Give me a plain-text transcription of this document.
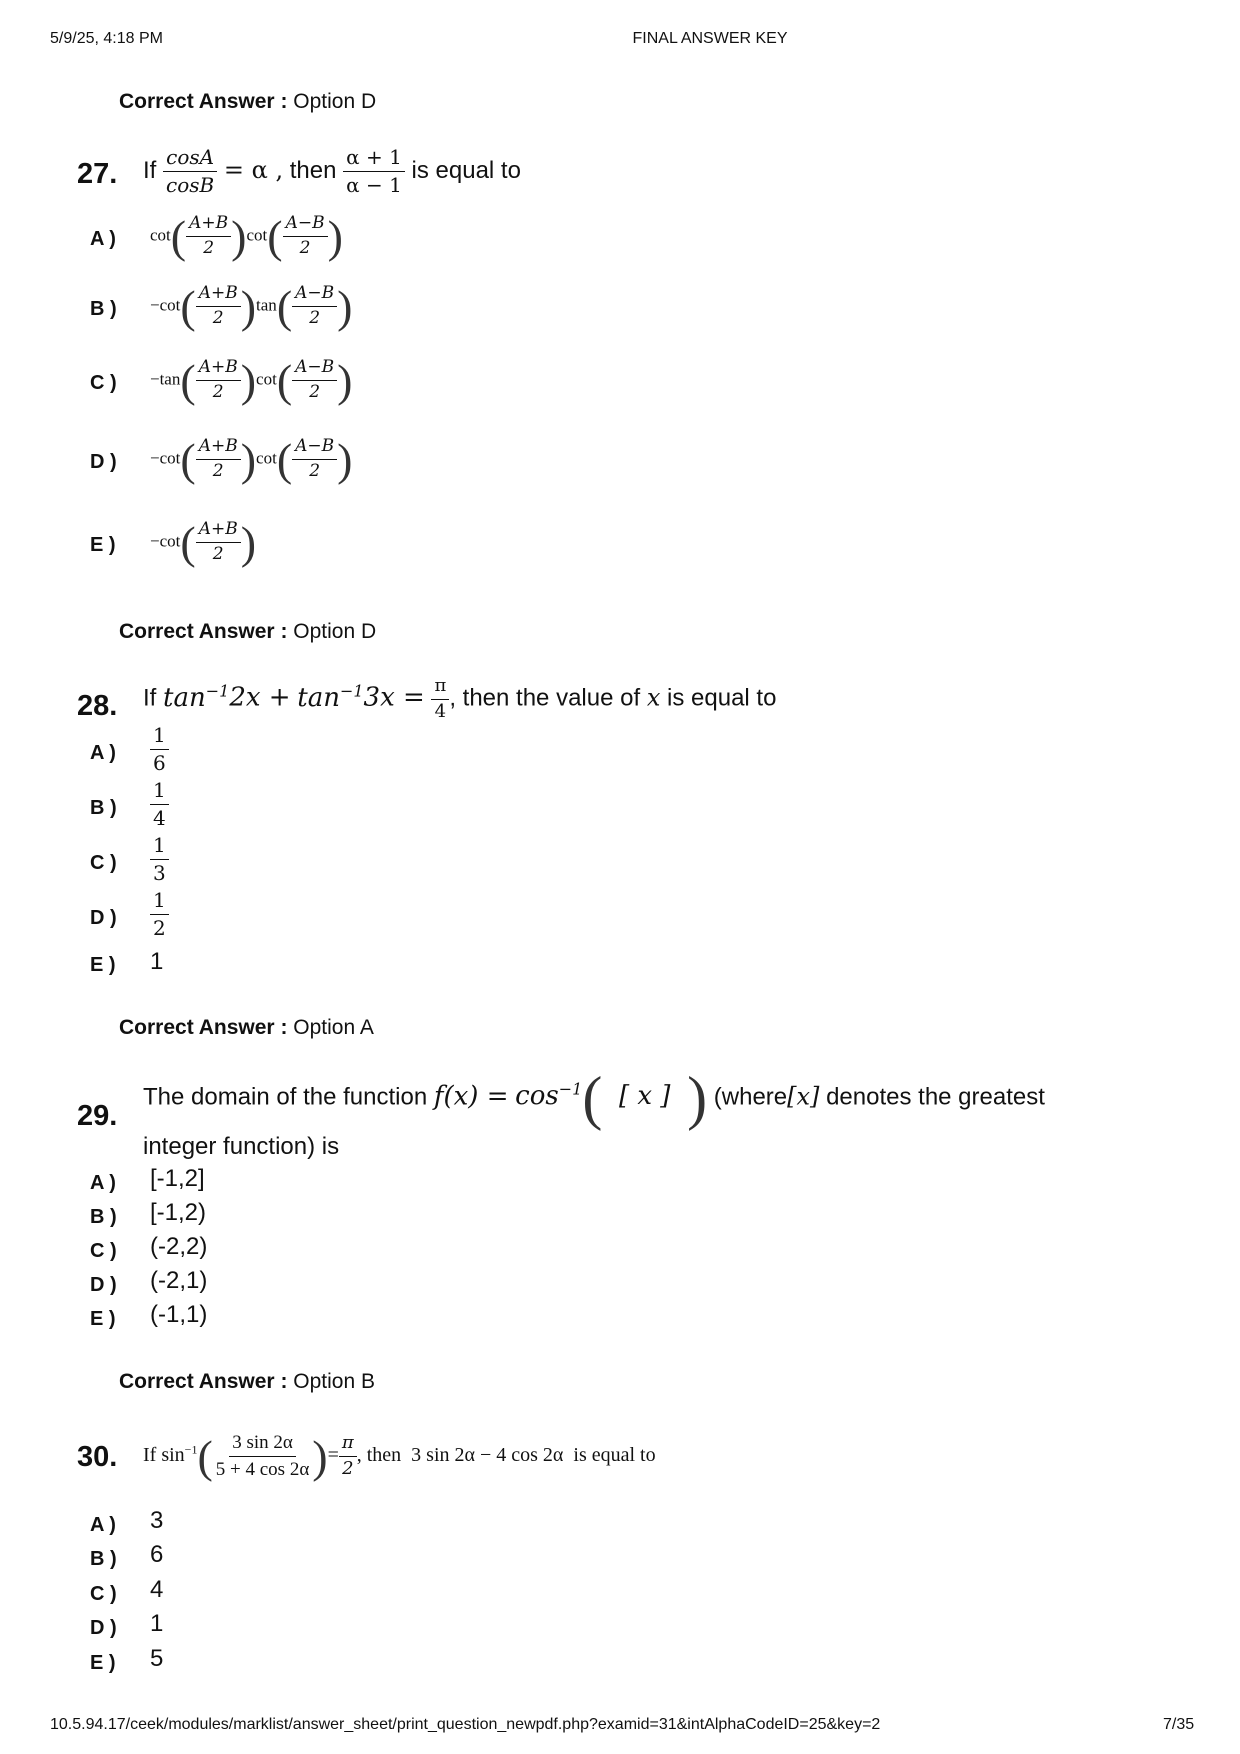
5/9/25, 4:18 PM	FINAL ANSWER KEY
Correct Answer : Option D
27. If $\frac{\cos A}{\cos B} = \alpha$ , then $\frac{\alpha + 1}{\alpha - 1}$ is equal to
A ) $\cot( \frac{A+B}{2} )\cot( \frac{A-B}{2}$ )
B ) $-\cot( \frac{A+B}{2} )\tan( \frac{A-B}{2}$ )
C ) $-\tan( \frac{A+B}{2} )\cot( \frac{A-B}{2}$ )
D ) $-\cot( \frac{A+B}{2} )\cot( \frac{A-B}{2}$ )
E ) $-\cot( \frac{A+B}{2}$ )
Correct Answer : Option D
28. If $\tan^{-1}2x + \tan^{-1}3x = \frac{\pi}{4}$ , then the value of x is equal to
A ) $\frac{1}{6}$
B ) $\frac{1}{4}$
C ) $\frac{1}{3}$
D ) $\frac{1}{2}$
E ) 1
Correct Answer : Option A
29.
The domain of the function $f(x) = \cos^{-1}$( [ x ] ) (where[x] denotes the greatest
integer function) is
A ) [-1,2]
B ) [-1,2)
C ) (-2,2)
D ) (-2,1)
E ) (-1,1)
Correct Answer : Option B
30. If $\sin^{-1}( \frac{3 \sin 2\alpha}{5 + 4 \cos 2\alpha}$ )= $\frac{\pi}{2}$ , then  3 sin 2α − 4 cos 2α  is equal to
A ) 3
B ) 6
C ) 4
D ) 1
E ) 5
10.5.94.17/ceek/modules/marklist/answer_sheet/print_question_newpdf.php?examid=31&intAlphaCodeID=25&key=2	7/35
